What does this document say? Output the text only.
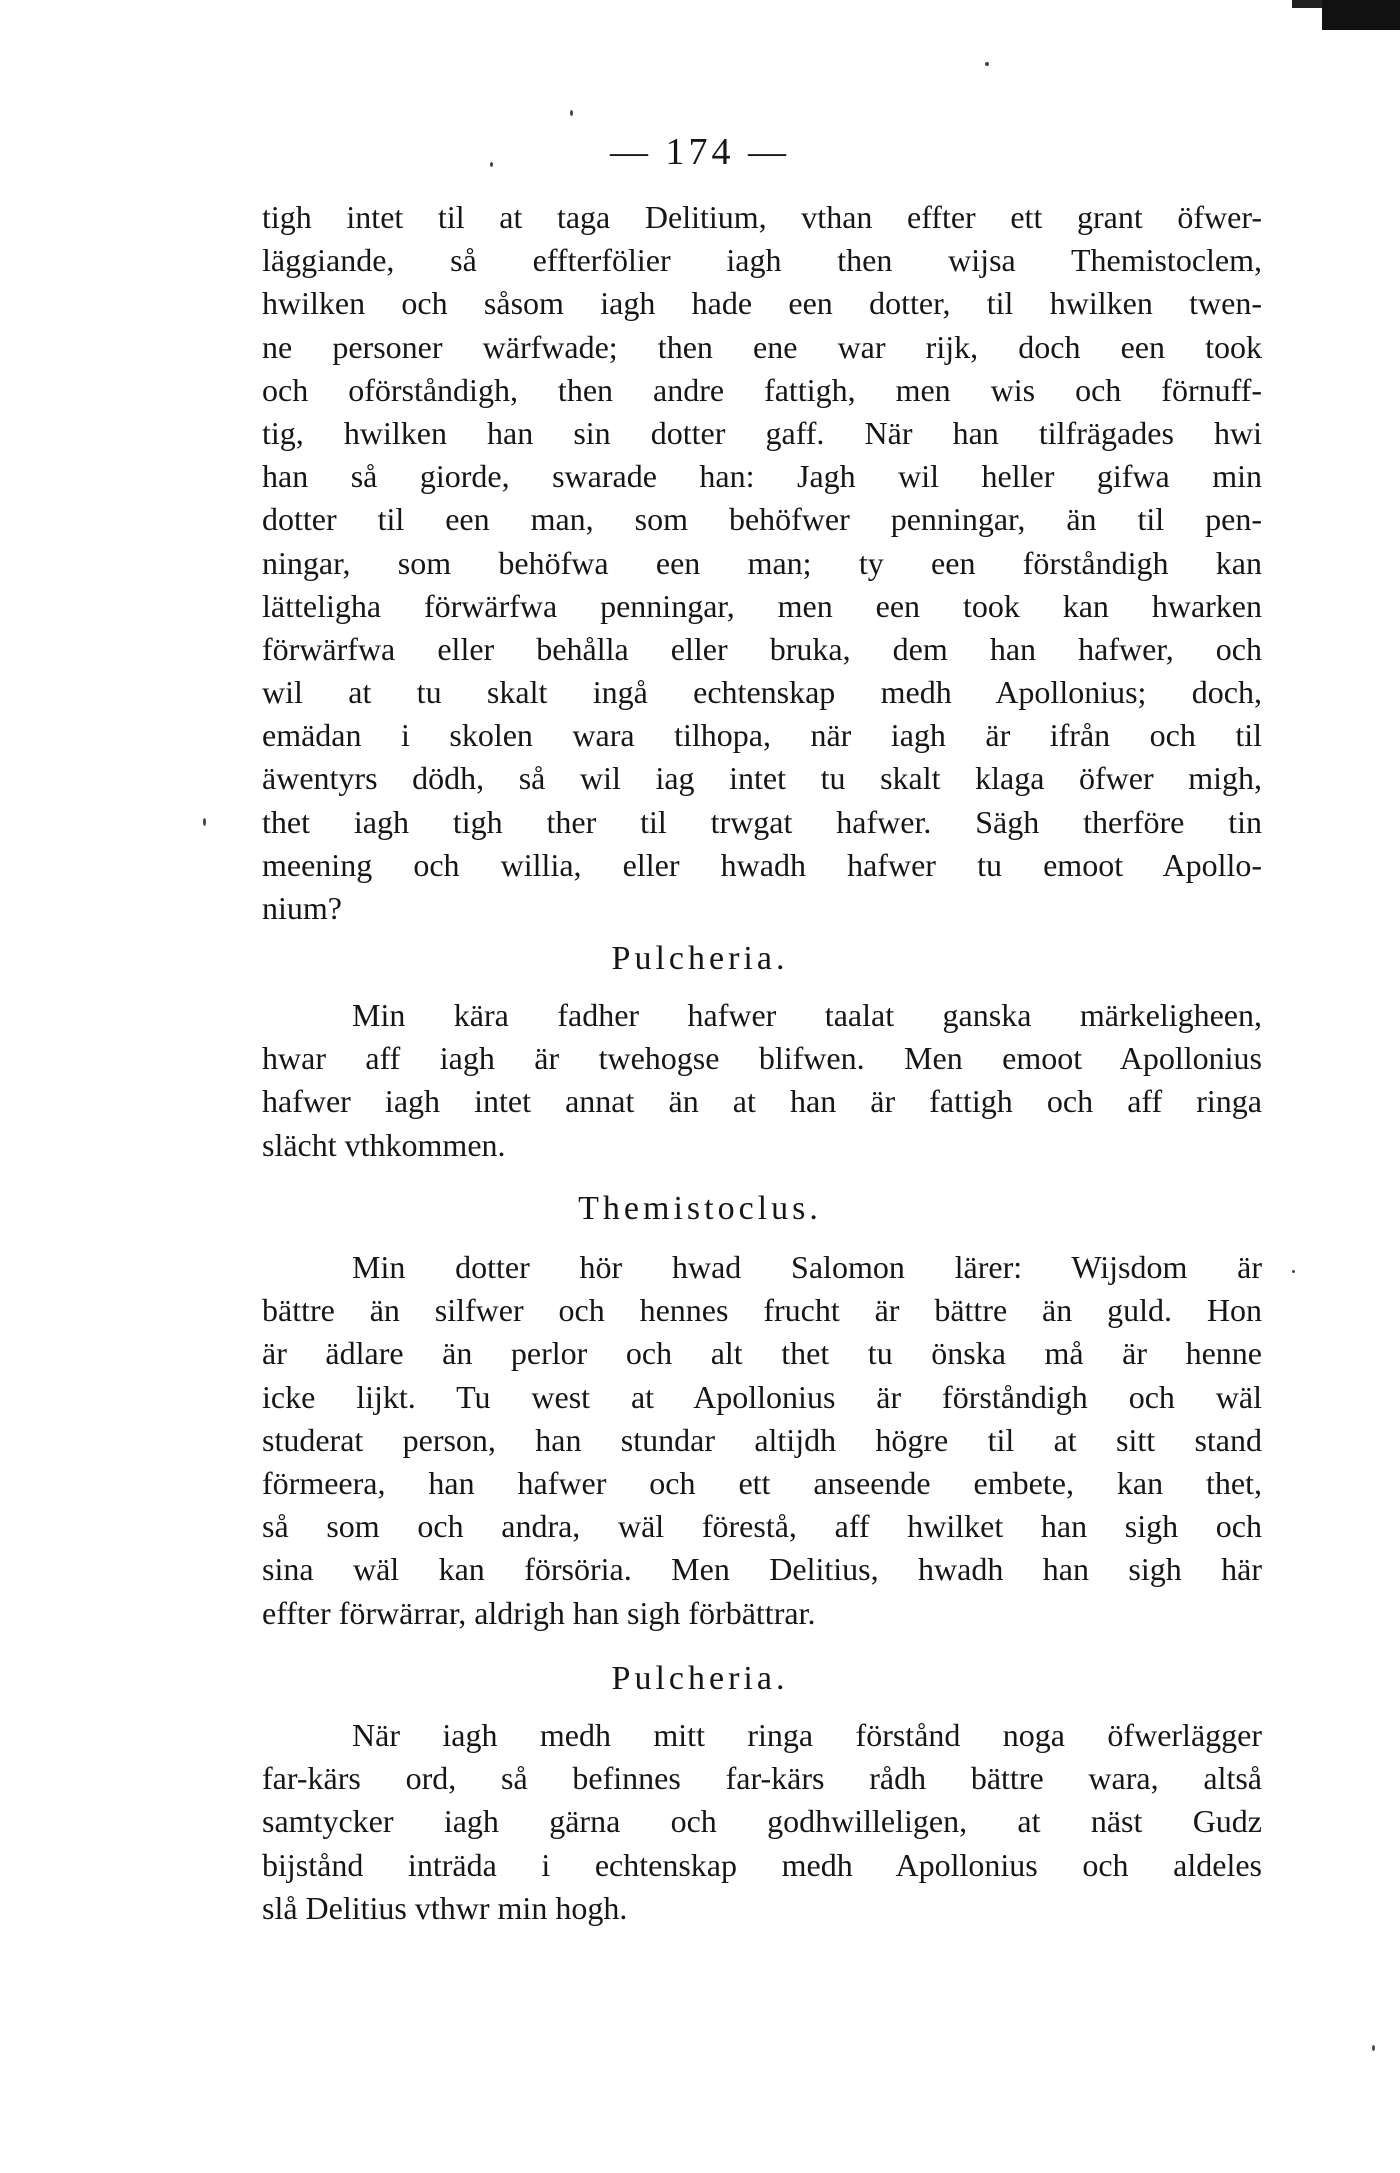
— 174 —
tigh intet til at taga Delitium, vthan effter ett grant öfwer-
läggiande, så effterfölier iagh then wijsa Themistoclem,
hwilken och såsom iagh hade een dotter, til hwilken twen-
ne personer wärfwade; then ene war rijk, doch een took
och oförståndigh, then andre fattigh, men wis och förnuff-
tig, hwilken han sin dotter gaff. När han tilfrägades hwi
han så giorde, swarade han: Jagh wil heller gifwa min
dotter til een man, som behöfwer penningar, än til pen-
ningar, som behöfwa een man; ty een förståndigh kan
lätteligha förwärfwa penningar, men een took kan hwarken
förwärfwa eller behålla eller bruka, dem han hafwer, och
wil at tu skalt ingå echtenskap medh Apollonius; doch,
emädan i skolen wara tilhopa, när iagh är ifrån och til
äwentyrs dödh, så wil iag intet tu skalt klaga öfwer migh,
thet iagh tigh ther til trwgat hafwer. Sägh therföre tin
meening och willia, eller hwadh hafwer tu emoot Apollo-
nium?
Pulcheria.
Min kära fadher hafwer taalat ganska märkeligheen,
hwar aff iagh är twehogse blifwen. Men emoot Apollonius
hafwer iagh intet annat än at han är fattigh och aff ringa
slächt vthkommen.
Themistoclus.
Min dotter hör hwad Salomon lärer: Wijsdom är
bättre än silfwer och hennes frucht är bättre än guld. Hon
är ädlare än perlor och alt thet tu önska må är henne
icke lijkt. Tu west at Apollonius är förståndigh och wäl
studerat person, han stundar altijdh högre til at sitt stand
förmeera, han hafwer och ett anseende embete, kan thet,
så som och andra, wäl förestå, aff hwilket han sigh och
sina wäl kan försöria. Men Delitius, hwadh han sigh här
effter förwärrar, aldrigh han sigh förbättrar.
Pulcheria.
När iagh medh mitt ringa förstånd noga öfwerlägger
far-kärs ord, så befinnes far-kärs rådh bättre wara, altså
samtycker iagh gärna och godhwilleligen, at näst Gudz
bijstånd inträda i echtenskap medh Apollonius och aldeles
slå Delitius vthwr min hogh.
